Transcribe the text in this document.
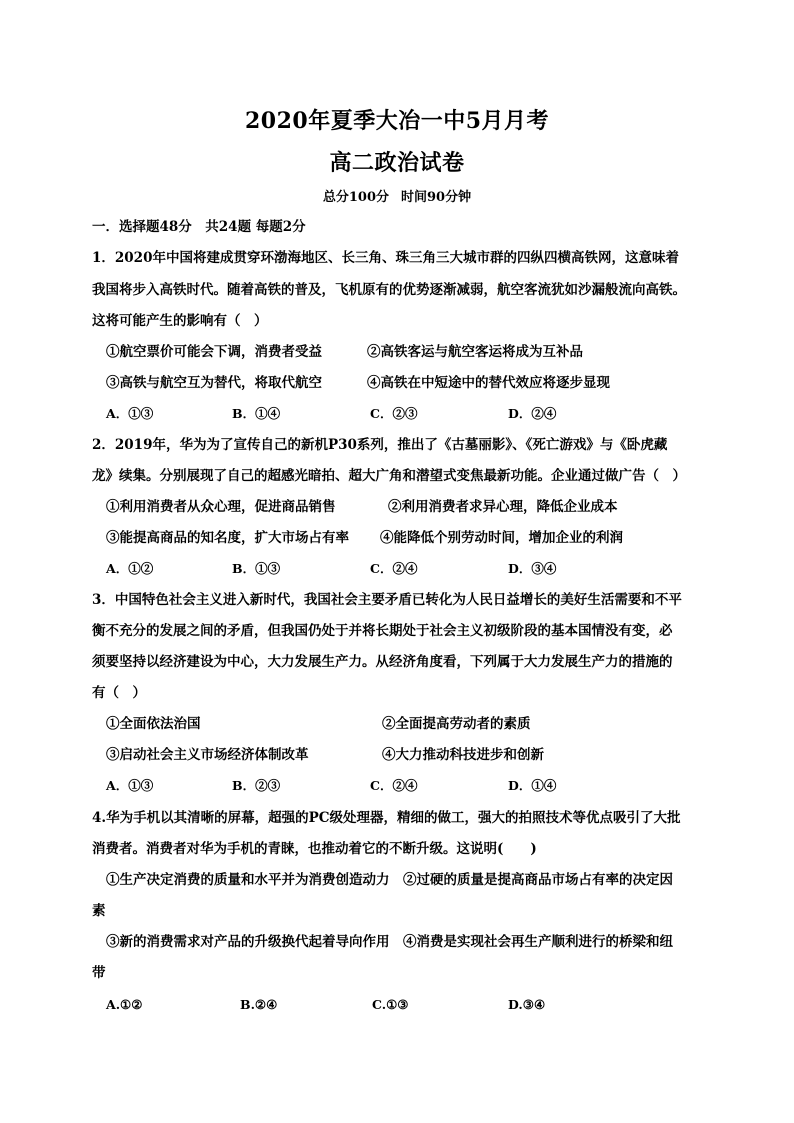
2020年夏季大冶一中5月月考
高二政治试卷
总分100分 时间90分钟
一．选择题48分　共24题 每题2分
1．2020年中国将建成贯穿环渤海地区、长三角、珠三角三大城市群的四纵四横高铁网，这意味着
我国将步入高铁时代。随着高铁的普及，飞机原有的优势逐渐减弱，航空客流犹如沙漏般流向高铁。
这将可能产生的影响有（　）
①航空票价可能会下调，消费者受益	②高铁客运与航空客运将成为互补品
③高铁与航空互为替代，将取代航空	④高铁在中短途中的替代效应将逐步显现
A．①③	B．①④	C．②③	D．②④
2．2019年，华为为了宣传自己的新机P30系列，推出了《古墓丽影》、《死亡游戏》与《卧虎藏
龙》续集。分别展现了自己的超感光暗拍、超大广角和潜望式变焦最新功能。企业通过做广告（　）
①利用消费者从众心理，促进商品销售	②利用消费者求异心理，降低企业成本
③能提高商品的知名度，扩大市场占有率 ④能降低个别劳动时间，增加企业的利润
A．①②	B．①③	C．②④	D．③④
3．中国特色社会主义进入新时代，我国社会主要矛盾已转化为人民日益增长的美好生活需要和不平
衡不充分的发展之间的矛盾，但我国仍处于并将长期处于社会主义初级阶段的基本国情没有变，必
须要坚持以经济建设为中心，大力发展生产力。从经济角度看，下列属于大力发展生产力的措施的
有（　）
①全面依法治国	②全面提高劳动者的素质
③启动社会主义市场经济体制改革	④大力推动科技进步和创新
A．①③	B．②③	C．②④	D．①④
4.华为手机以其清晰的屏幕，超强的PC级处理器，精细的做工，强大的拍照技术等优点吸引了大批
消费者。消费者对华为手机的青睐，也推动着它的不断升级。这说明(　　)
①生产决定消费的质量和水平并为消费创造动力　②过硬的质量是提高商品市场占有率的决定因
素
③新的消费需求对产品的升级换代起着导向作用　④消费是实现社会再生产顺利进行的桥梁和纽
带
A.①②	B.②④	C.①③	D.③④
